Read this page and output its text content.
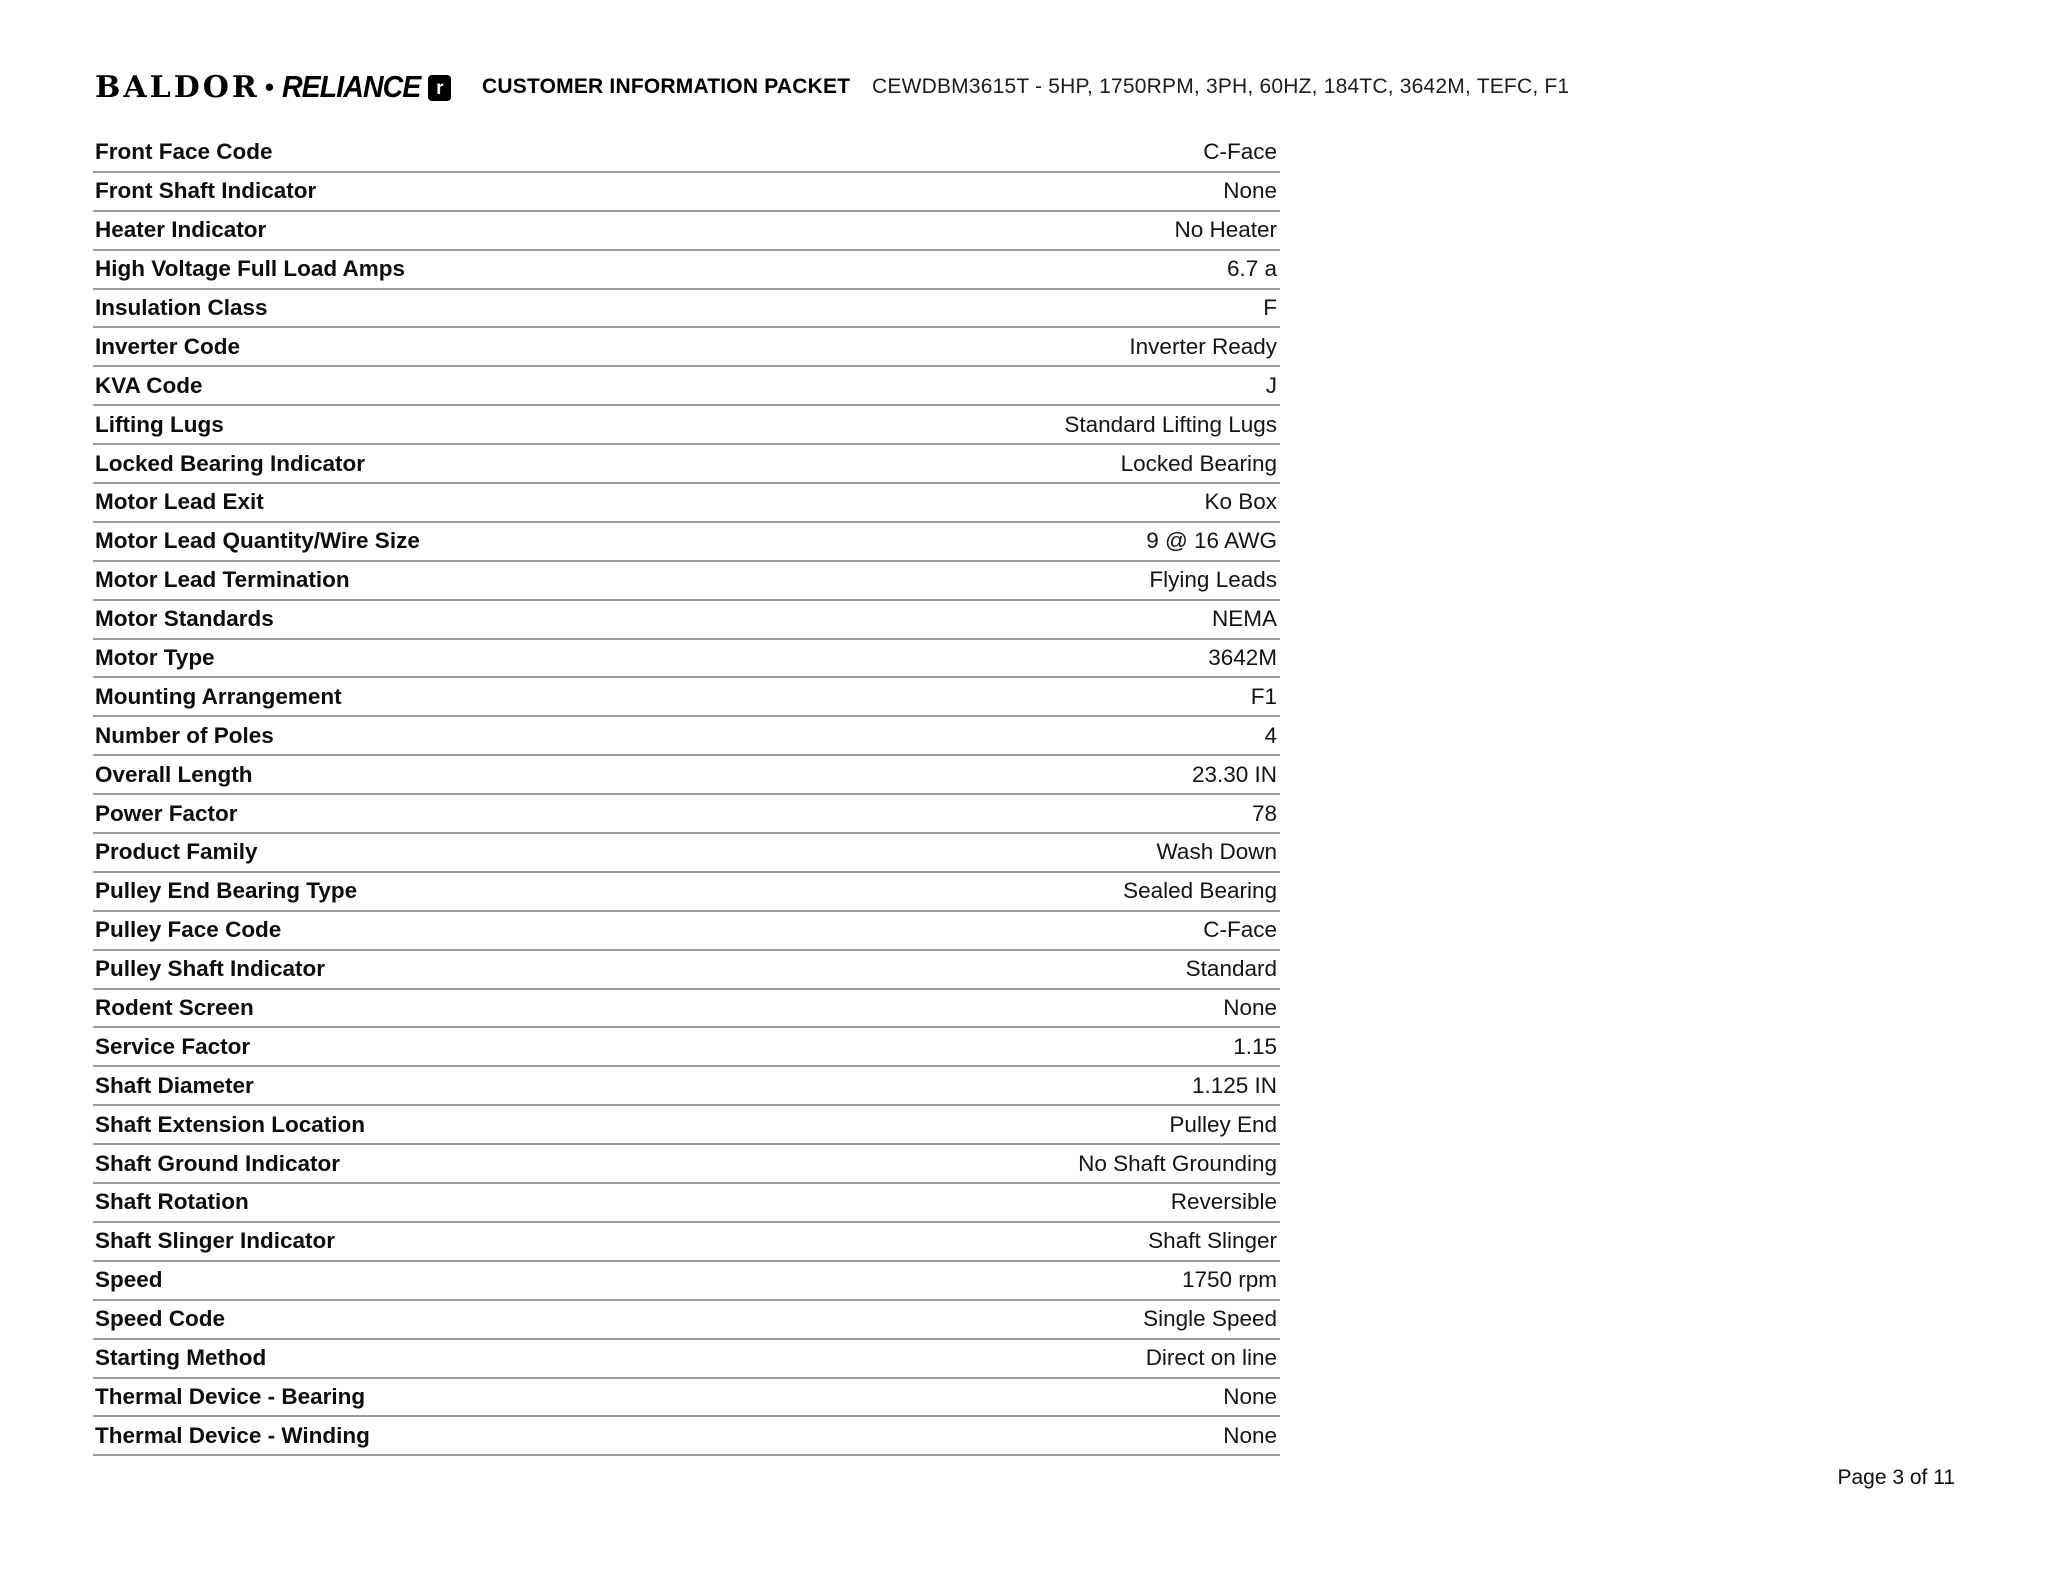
BALDOR • RELIANCE r	CUSTOMER INFORMATION PACKET CEWDBM3615T - 5HP, 1750RPM, 3PH, 60HZ, 184TC, 3642M, TEFC, F1
Front Face Code	C-Face
Front Shaft Indicator	None
Heater Indicator	No Heater
High Voltage Full Load Amps	6.7 a
Insulation Class	F
Inverter Code	Inverter Ready
KVA Code	J
Lifting Lugs	Standard Lifting Lugs
Locked Bearing Indicator	Locked Bearing
Motor Lead Exit	Ko Box
Motor Lead Quantity/Wire Size	9 @ 16 AWG
Motor Lead Termination	Flying Leads
Motor Standards	NEMA
Motor Type	3642M
Mounting Arrangement	F1
Number of Poles	4
Overall Length	23.30 IN
Power Factor	78
Product Family	Wash Down
Pulley End Bearing Type	Sealed Bearing
Pulley Face Code	C-Face
Pulley Shaft Indicator	Standard
Rodent Screen	None
Service Factor	1.15
Shaft Diameter	1.125 IN
Shaft Extension Location	Pulley End
Shaft Ground Indicator	No Shaft Grounding
Shaft Rotation	Reversible
Shaft Slinger Indicator	Shaft Slinger
Speed	1750 rpm
Speed Code	Single Speed
Starting Method	Direct on line
Thermal Device - Bearing	None
Thermal Device - Winding	None
Page 3 of 11
